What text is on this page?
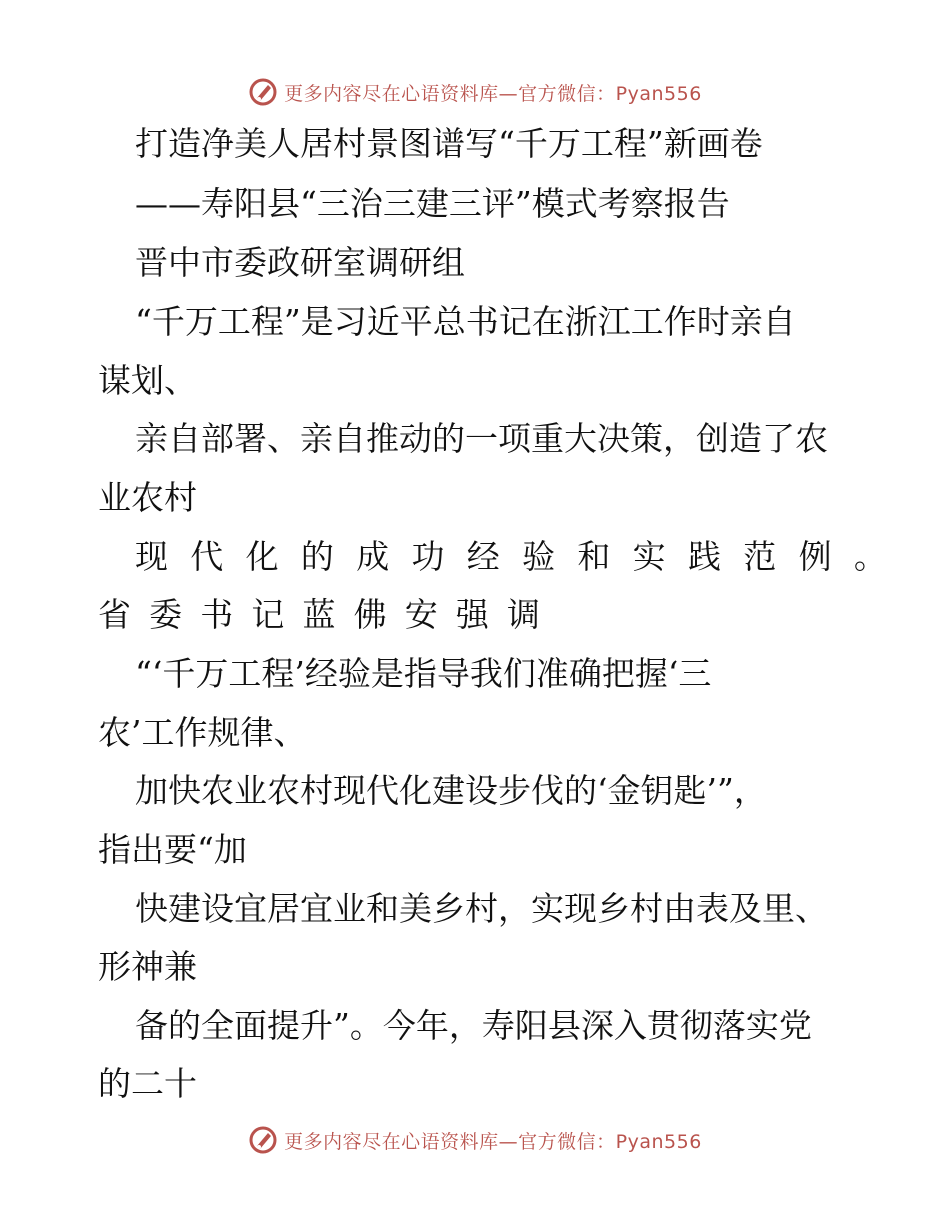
更多内容尽在心语资料库—官方微信：Pyan556

打造净美人居村景图谱写“千万工程”新画卷

——寿阳县“三治三建三评”模式考察报告

晋中市委政研室调研组

“千万工程”是习近平总书记在浙江工作时亲自

谋划、

亲自部署、亲自推动的一项重大决策，创造了农

业农村

现 代 化 的 成 功 经 验 和 实 践 范 例 。

省 委 书 记 蓝 佛 安 强 调

“‘千万工程’经验是指导我们准确把握‘三

农’工作规律、

加快农业农村现代化建设步伐的‘金钥匙’”，

指出要“加

快建设宜居宜业和美乡村，实现乡村由表及里、

形神兼

备的全面提升”。今年，寿阳县深入贯彻落实党

的二十

更多内容尽在心语资料库—官方微信：Pyan556
